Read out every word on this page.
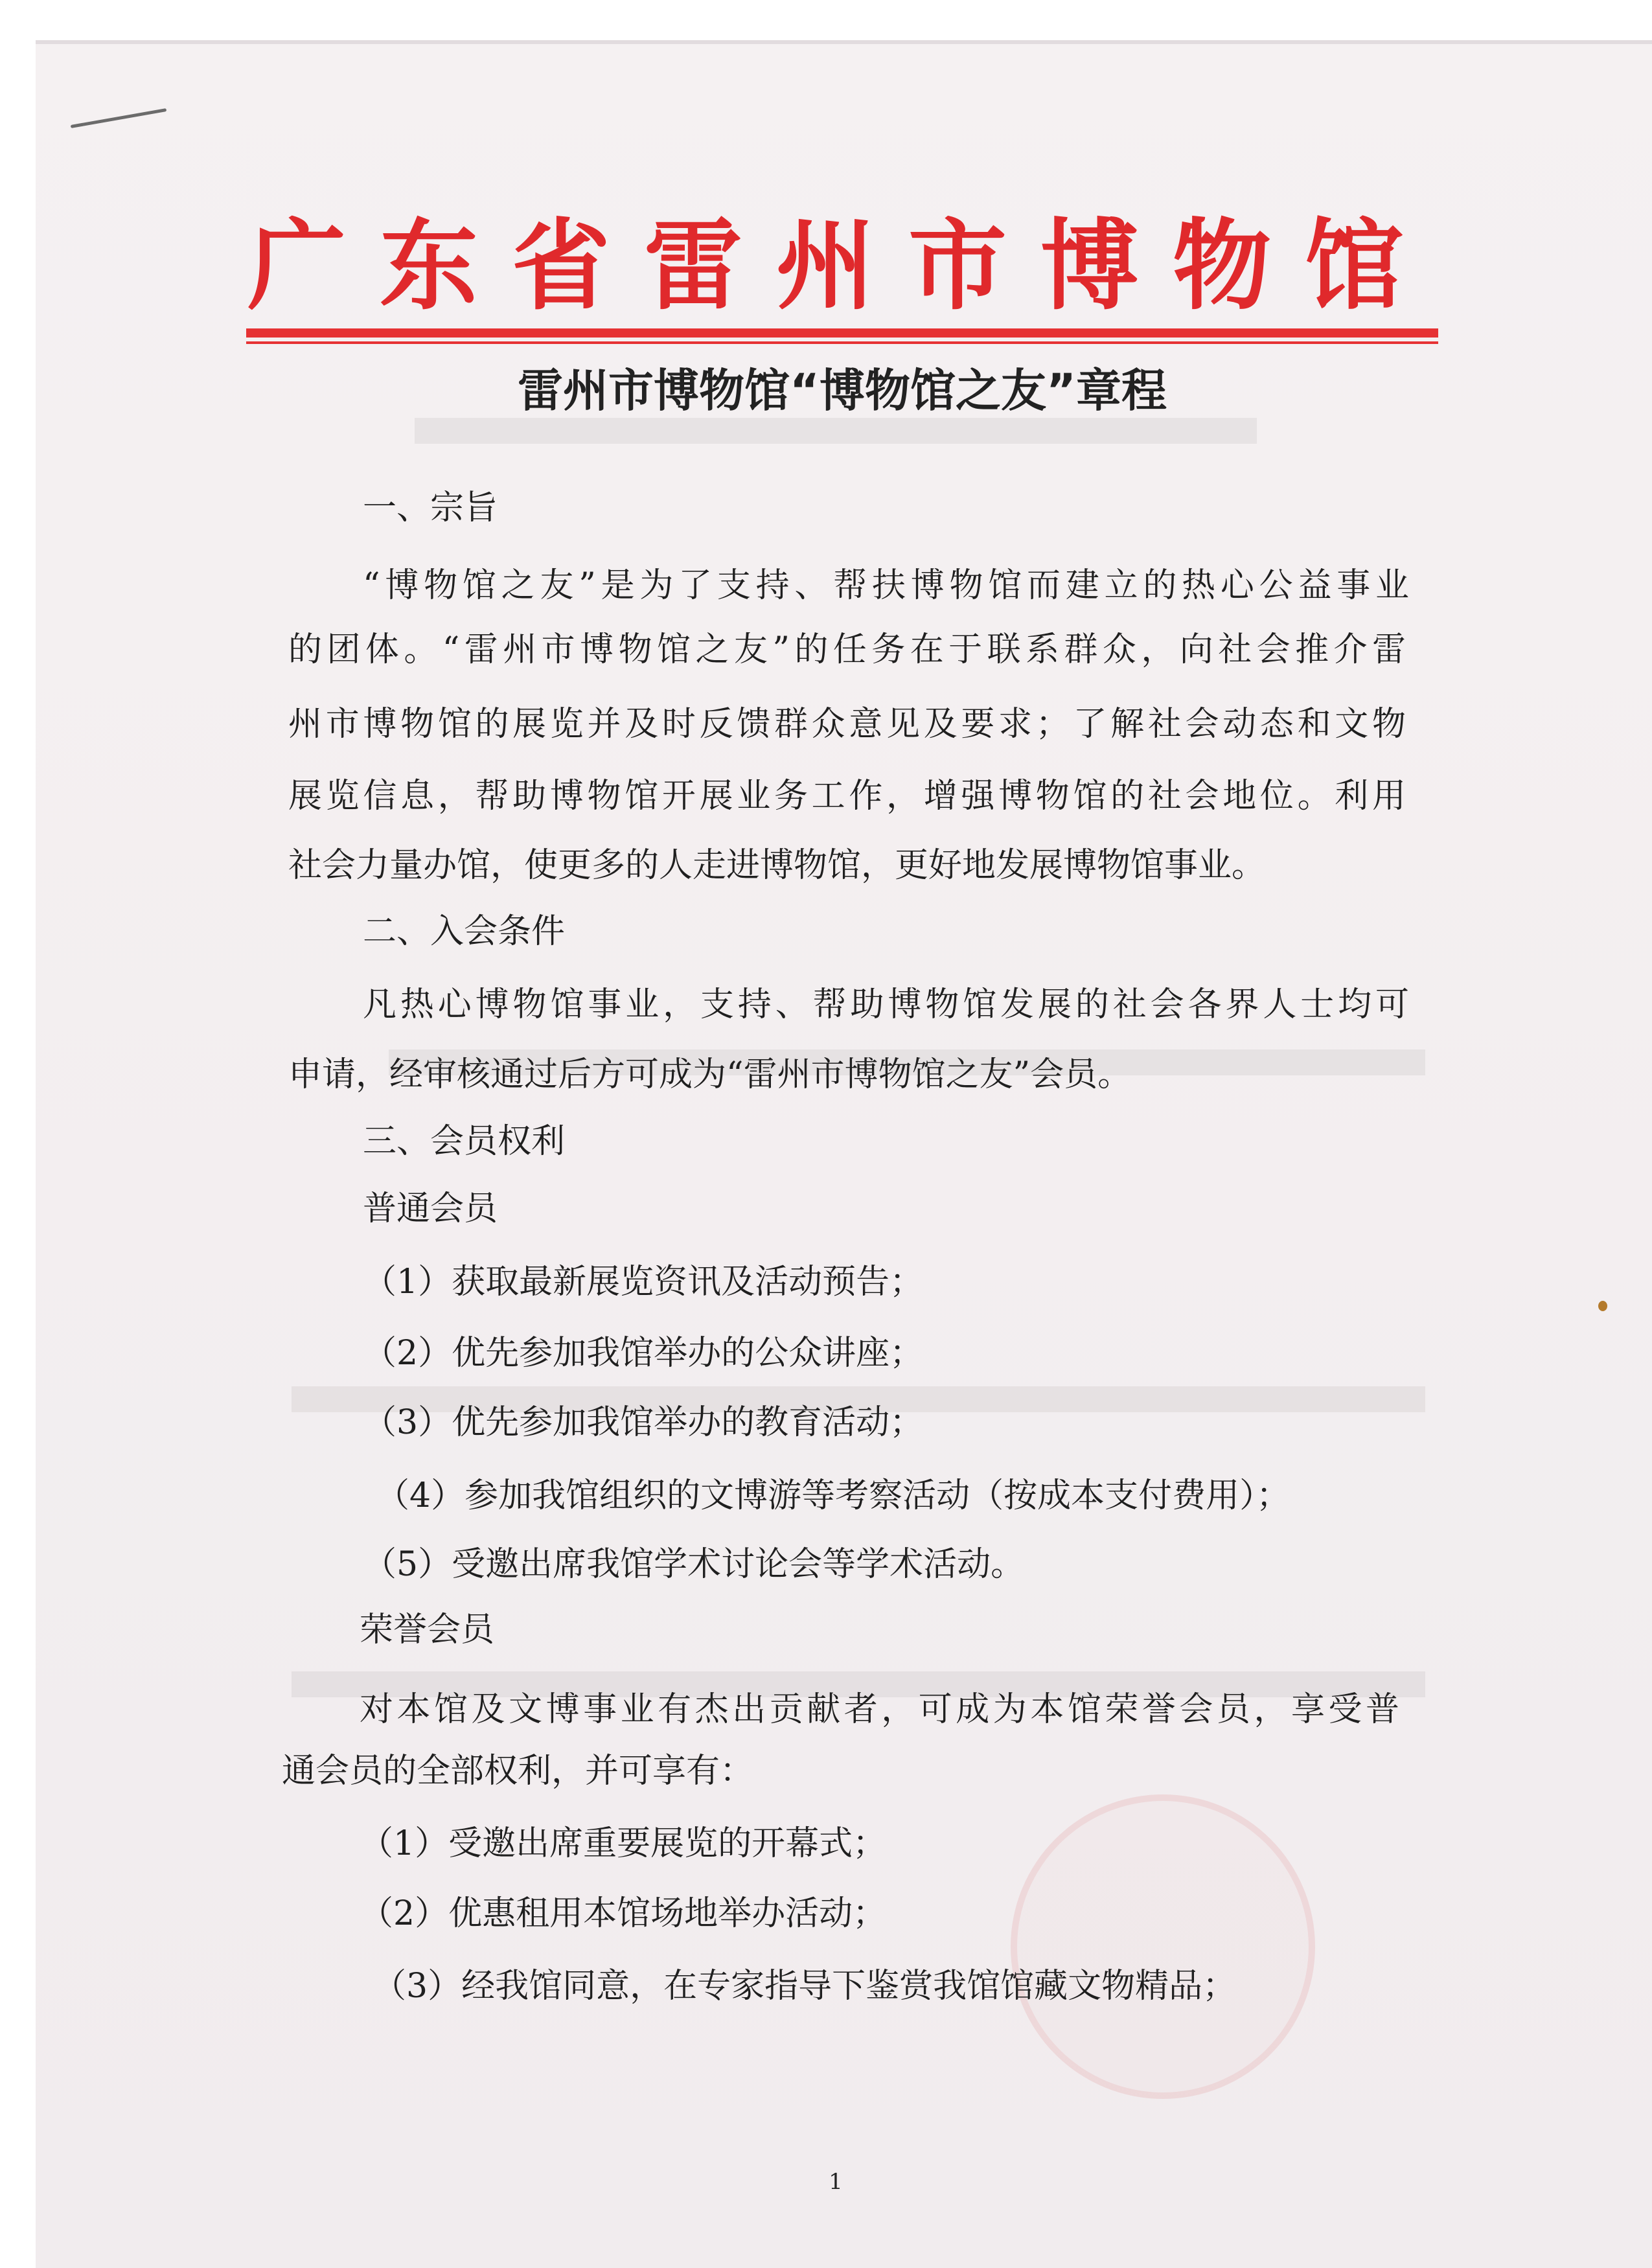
广东省雷州市博物馆
雷州市博物馆“博物馆之友”章程
一、宗旨
“博物馆之友”是为了支持、帮扶博物馆而建立的热心公益事业
的团体。“雷州市博物馆之友”的任务在于联系群众，向社会推介雷
州市博物馆的展览并及时反馈群众意见及要求；了解社会动态和文物
展览信息，帮助博物馆开展业务工作，增强博物馆的社会地位。利用
社会力量办馆，使更多的人走进博物馆，更好地发展博物馆事业。
二、入会条件
凡热心博物馆事业，支持、帮助博物馆发展的社会各界人士均可
申请，经审核通过后方可成为“雷州市博物馆之友”会员。
三、会员权利
普通会员
（1）获取最新展览资讯及活动预告；
（2）优先参加我馆举办的公众讲座；
（3）优先参加我馆举办的教育活动；
（4）参加我馆组织的文博游等考察活动（按成本支付费用）；
（5）受邀出席我馆学术讨论会等学术活动。
荣誉会员
对本馆及文博事业有杰出贡献者，可成为本馆荣誉会员，享受普
通会员的全部权利，并可享有：
（1）受邀出席重要展览的开幕式；
（2）优惠租用本馆场地举办活动；
（3）经我馆同意，在专家指导下鉴赏我馆馆藏文物精品；
1
